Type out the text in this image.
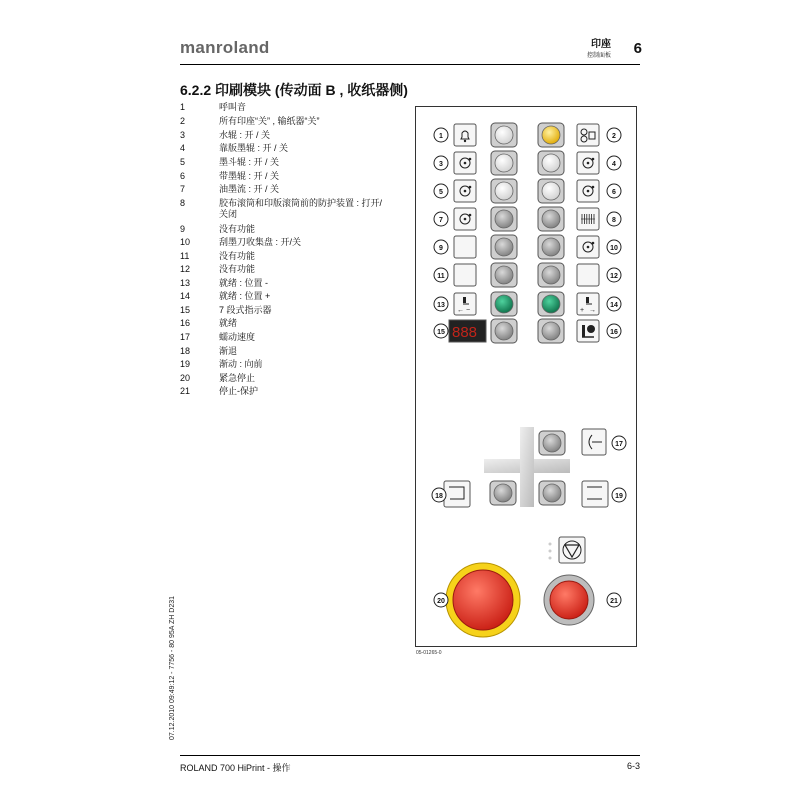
manroland	印座
控制面板 6
6.2.2 印刷模块 (传动面 B , 收纸器侧)
1	呼叫音
2	所有印座“关” , 输纸器“关”
3	水辊 : 开 / 关
4	靠版墨辊 : 开 / 关
5	墨斗辊 : 开 / 关
6	带墨辊 : 开 / 关
7	油墨流 : 开 / 关
8	胶布滚筒和印版滚筒前的防护装置 : 打开/关闭
9	没有功能
10	刮墨刀收集盘 : 开/关
11	没有功能
12	没有功能
13	就绪 : 位置 -
14	就绪 : 位置 +
15	7 段式指示器
16	就绪
17	蠕动速度
18	渐退
19	渐动 : 向前
20	紧急停止
21	停止-保护
← −	+ →
888
1	2
3	4
5	6
7	8
9	10
11	12
13	14
15	16
17
18	19
20	21
05-01265-0
07.12.2010 09:49:12 - 7756 - 80 95A ZH D231
ROLAND 700 HiPrint - 操作	6-3
